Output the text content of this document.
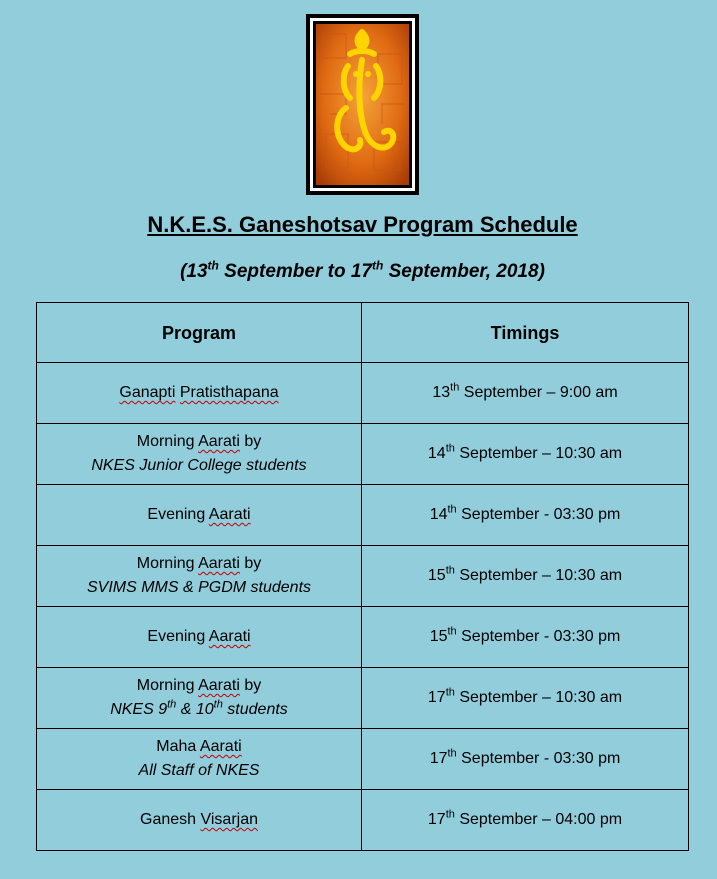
N.K.E.S. Ganeshotsav Program Schedule
(13th September to 17th September, 2018)
Program	Timings

Ganapti Pratisthapana	13th September – 9:00 am

Morning Aarati by
NKES Junior College students	14th September – 10:30 am

Evening Aarati	14th September - 03:30 pm

Morning Aarati by
SVIMS MMS & PGDM students	15th September – 10:30 am

Evening Aarati	15th September - 03:30 pm

Morning Aarati by
NKES 9th & 10th students	17th September – 10:30 am

Maha Aarati
All Staff of NKES	17th September - 03:30 pm

Ganesh Visarjan	17th September – 04:00 pm
